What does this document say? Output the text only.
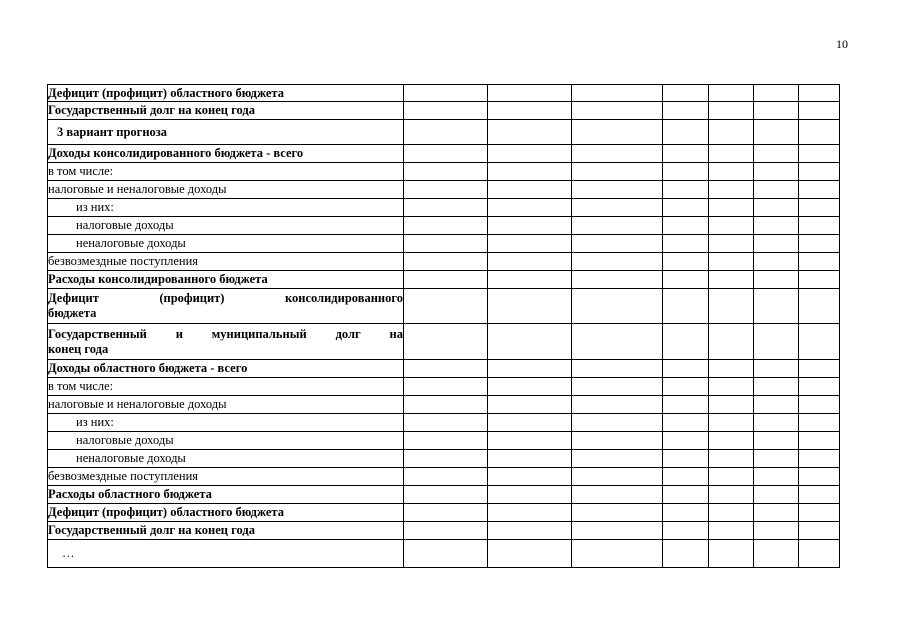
10
Дефицит (профицит) областного бюджета							
Государственный долг на конец года							
3 вариант прогноза							
Доходы консолидированного бюджета - всего							
в том числе:							
налоговые и неналоговые доходы							
из них:							
налоговые доходы							
неналоговые доходы							
безвозмездные поступления							
Расходы консолидированного бюджета							

Дефицит (профицит) консолидированного
бюджета							

Государственный и муниципальный долг на
конец года							

Доходы областного бюджета - всего							
в том числе:							
налоговые и неналоговые доходы							
из них:							
налоговые доходы							
неналоговые доходы							
безвозмездные поступления							
Расходы областного бюджета							
Дефицит (профицит) областного бюджета							
Государственный долг на конец года							
…							
